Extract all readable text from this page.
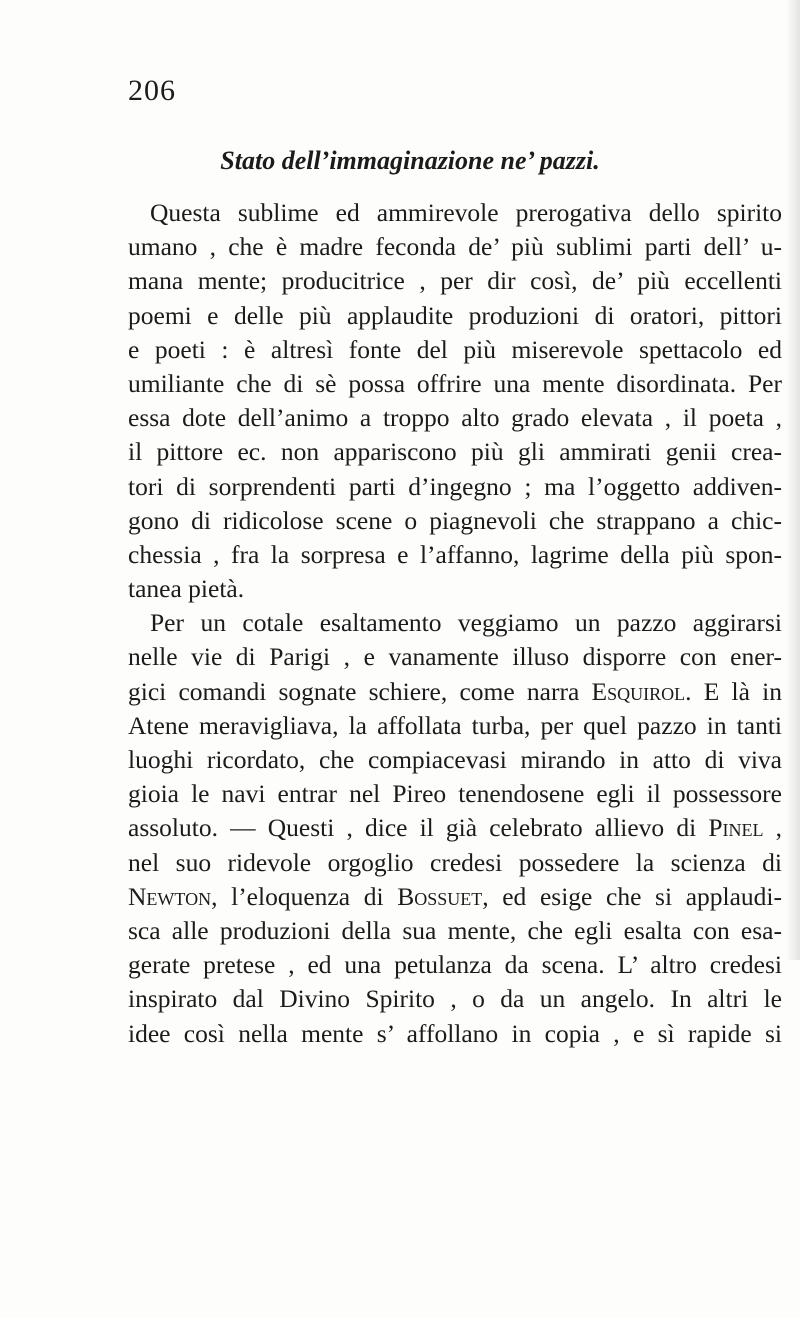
206

Stato dell’immaginazione ne’ pazzi.
Questa sublime ed ammirevole prerogativa dello spirito
umano , che è madre feconda de’ più sublimi parti dell’ u-
mana mente; producitrice , per dir così, de’ più eccellenti
poemi e delle più applaudite produzioni di oratori, pittori
e poeti : è altresì fonte del più miserevole spettacolo ed
umiliante che di sè possa offrire una mente disordinata. Per
essa dote dell’animo a troppo alto grado elevata , il poeta ,
il pittore ec. non appariscono più gli ammirati genii crea-
tori di sorprendenti parti d’ingegno ; ma l’oggetto addiven-
gono di ridicolose scene o piagnevoli che strappano a chic-
chessia , fra la sorpresa e l’affanno, lagrime della più spon-
tanea pietà.
Per un cotale esaltamento veggiamo un pazzo aggirarsi
nelle vie di Parigi , e vanamente illuso disporre con ener-
gici comandi sognate schiere, come narra Esquirol. E là in
Atene meravigliava, la affollata turba, per quel pazzo in tanti
luoghi ricordato, che compiacevasi mirando in atto di viva
gioia le navi entrar nel Pireo tenendosene egli il possessore
assoluto. — Questi , dice il già celebrato allievo di Pinel ,
nel suo ridevole orgoglio credesi possedere la scienza di
Newton, l’eloquenza di Bossuet, ed esige che si applaudi-
sca alle produzioni della sua mente, che egli esalta con esa-
gerate pretese , ed una petulanza da scena. L’ altro credesi
inspirato dal Divino Spirito , o da un angelo. In altri le
idee così nella mente s’ affollano in copia , e sì rapide si
